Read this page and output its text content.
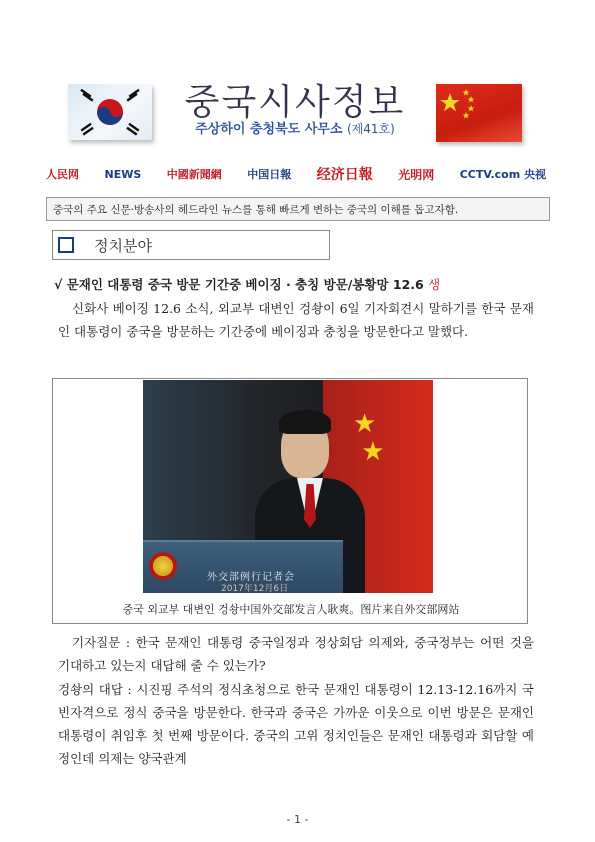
중국시사정보
주상하이 충청북도 사무소 (제41호)
人民网 NEWS 中國新聞網 中国日報 经济日報 光明网 CCTV.com 央视
중국의 주요 신문·방송사의 헤드라인 뉴스를 통해 빠르게 변하는 중국의 이해를 돕고자함.
정치분야
√ 문재인 대통령 중국 방문 기간중 베이징 · 충칭 방문/봉황망 12.6 생

신화사 베이징 12.6 소식, 외교부 대변인 겅솽이 6일 기자회견시 말하기를 한국 문재인 대통령이 중국을 방문하는 기간중에 베이징과 충칭을 방문한다고 말했다.

★
★
外交部例行记者会
2017年12月6日
중국 외교부 대변인 겅솽中国外交部发言人耿爽。图片来自外交部网站

기자질문 : 한국 문재인 대통령 중국일정과 정상회담 의제와, 중국정부는 어떤 것을 기대하고 있는지 대답해 줄 수 있는가?

겅솽의 대답 : 시진핑 주석의 정식초청으로 한국 문재인 대통령이 12.13-12.16까지 국빈자격으로 정식 중국을 방문한다. 한국과 중국은 가까운 이웃으로 이번 방문은 문재인 대통령이 취임후 첫 번째 방문이다. 중국의 고위 정치인들은 문재인 대통령과 회담할 예정인데 의제는 양국관계

- 1 -
